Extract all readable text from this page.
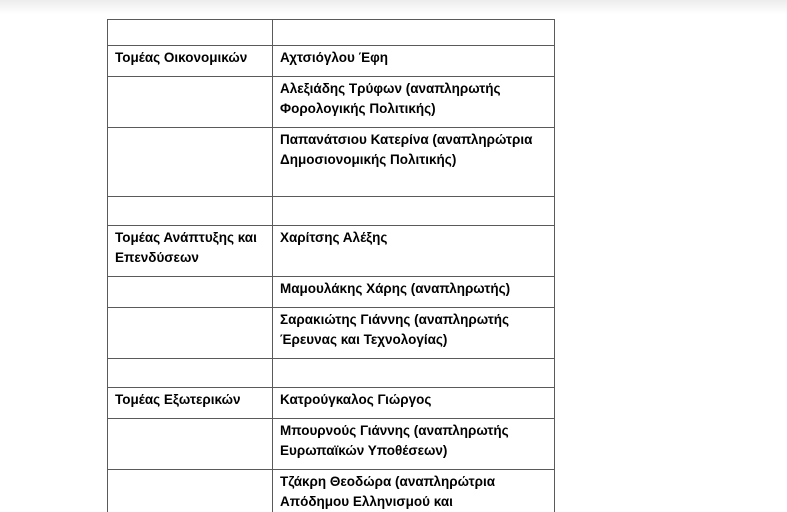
Τομέας Οικονομικών	Αχτσιόγλου Έφη
	Αλεξιάδης Τρύφων (αναπληρωτής Φορολογικής Πολιτικής)
	Παπανάτσιου Κατερίνα (αναπληρώτρια Δημοσιονομικής Πολιτικής)

Τομέας Ανάπτυξης και Επενδύσεων	Χαρίτσης Αλέξης
	Μαμουλάκης Χάρης (αναπληρωτής)
	Σαρακιώτης Γιάννης (αναπληρωτής Έρευνας και Τεχνολογίας)

Τομέας Εξωτερικών	Κατρούγκαλος Γιώργος
	Μπουρνούς Γιάννης (αναπληρωτής Ευρωπαϊκών Υποθέσεων)
	Τζάκρη Θεοδώρα (αναπληρώτρια Απόδημου Ελληνισμού και
